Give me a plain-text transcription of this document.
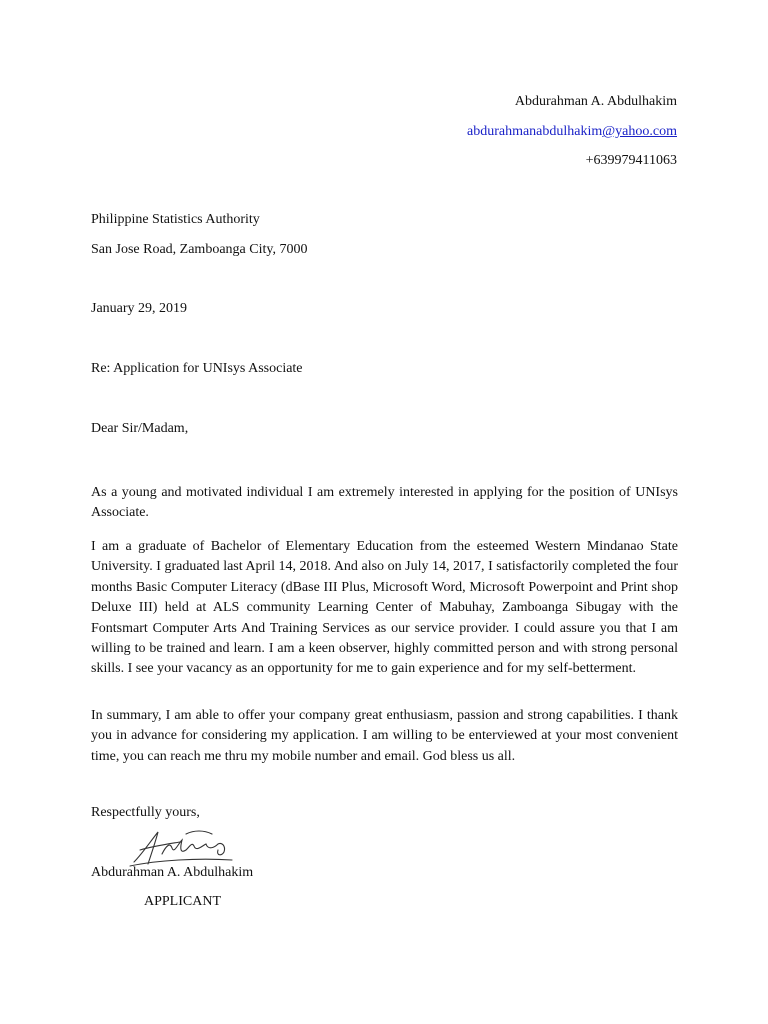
Abdurahman A. Abdulhakim
abdurahmanabdulhakim@yahoo.com
+639979411063
Philippine Statistics Authority
San Jose Road, Zamboanga City, 7000
January 29, 2019
Re: Application for UNIsys Associate
Dear Sir/Madam,
As a young and motivated individual I am extremely interested in applying for the position of UNIsys Associate.
I am a graduate of Bachelor of Elementary Education from the esteemed Western Mindanao State University. I graduated last April 14, 2018. And also on July 14, 2017, I satisfactorily completed the four months Basic Computer Literacy (dBase III Plus, Microsoft Word, Microsoft Powerpoint and Print shop Deluxe III) held at ALS community Learning Center of Mabuhay, Zamboanga Sibugay with the Fontsmart Computer Arts And Training Services as our service provider. I could assure you that I am willing to be trained and learn. I am a keen observer, highly committed person and with strong personal skills. I see your vacancy as an opportunity for me to gain experience and for my self-betterment.
In summary, I am able to offer your company great enthusiasm, passion and strong capabilities. I thank you in advance for considering my application. I am willing to be enterviewed at your most convenient time, you can reach me thru my mobile number and email. God bless us all.
Respectfully yours,
Abdurahman A. Abdulhakim
APPLICANT
